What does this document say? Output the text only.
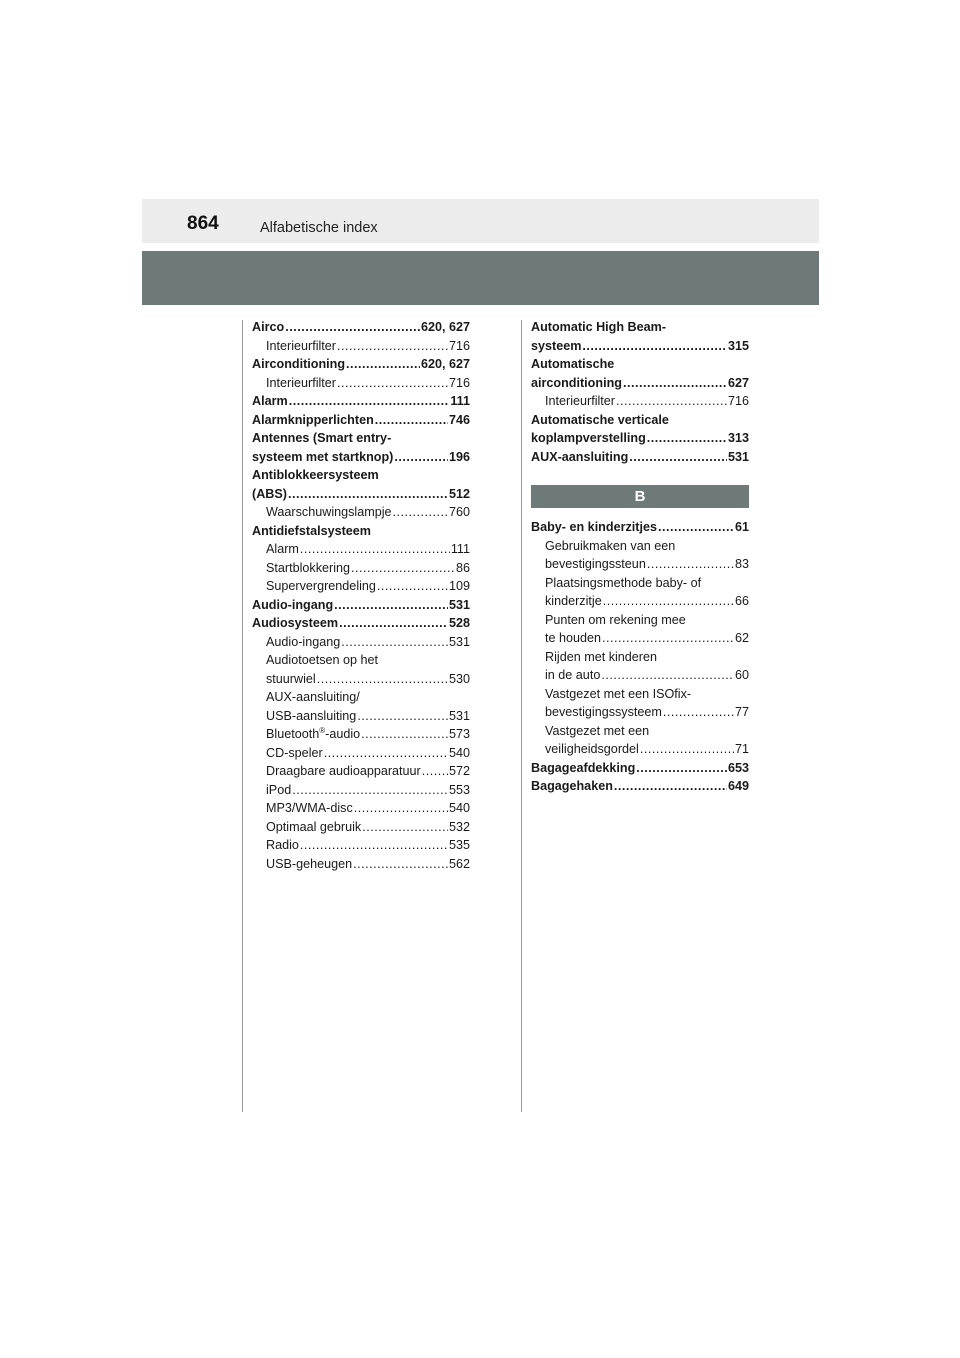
864	Alfabetische index
Airco .....	620, 627
Interieurfilter .....	716
Airconditioning .....	620, 627
Interieurfilter .....	716
Alarm .....	111
Alarmknipperlichten .....	746
Antennes (Smart entry-
systeem met startknop) .....	196
Antiblokkeersysteem
(ABS) .....	512
Waarschuwingslampje .....	760
Antidiefstalsysteem
Alarm .....	111
Startblokkering .....	86
Supervergrendeling .....	109
Audio-ingang .....	531
Audiosysteem .....	528
Audio-ingang .....	531
Audiotoetsen op het
stuurwiel .....	530
AUX-aansluiting/
USB-aansluiting .....	531
Bluetooth®-audio .....	573
CD-speler .....	540
Draagbare audioapparatuur ..... 572
iPod .....	553
MP3/WMA-disc .....	540
Optimaal gebruik .....	532
Radio .....	535
USB-geheugen .....	562
Automatic High Beam-
systeem .....	315
Automatische
airconditioning .....	627
Interieurfilter .....	716
Automatische verticale
koplampverstelling .....	313
AUX-aansluiting .....	531
B
Baby- en kinderzitjes .....	61
Gebruikmaken van een
bevestigingssteun .....	83
Plaatsingsmethode baby- of
kinderzitje .....	66
Punten om rekening mee
te houden .....	62
Rijden met kinderen
in de auto .....	60
Vastgezet met een ISOfix-
bevestigingssysteem .....	77
Vastgezet met een
veiligheidsgordel .....	71
Bagageafdekking .....	653
Bagagehaken .....	649
